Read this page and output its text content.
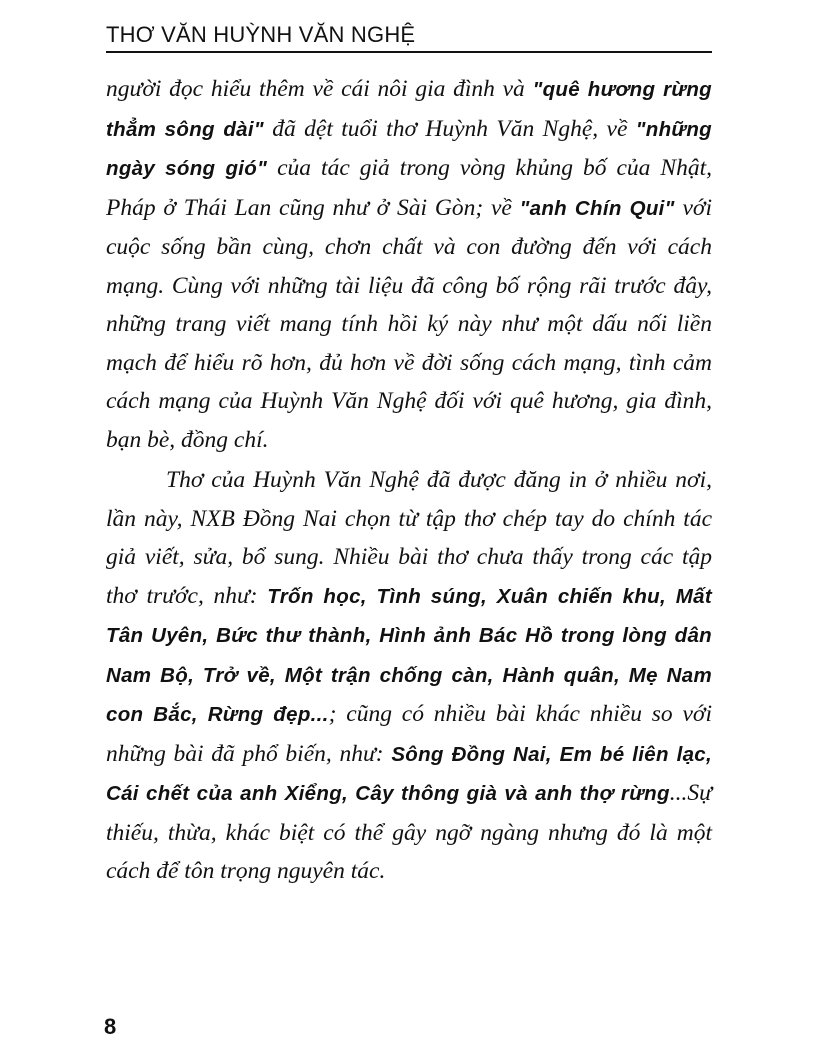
THƠ VĂN HUỲNH VĂN NGHỆ

người đọc hiểu thêm về cái nôi gia đình và "quê hương rừng thẳm sông dài" đã dệt tuổi thơ Huỳnh Văn Nghệ, về "những ngày sóng gió" của tác giả trong vòng khủng bố của Nhật, Pháp ở Thái Lan cũng như ở Sài Gòn; về "anh Chín Qui" với cuộc sống bần cùng, chơn chất và con đường đến với cách mạng. Cùng với những tài liệu đã công bố rộng rãi trước đây, những trang viết mang tính hồi ký này như một dấu nối liền mạch để hiểu rõ hơn, đủ hơn về đời sống cách mạng, tình cảm cách mạng của Huỳnh Văn Nghệ đối với quê hương, gia đình, bạn bè, đồng chí.

Thơ của Huỳnh Văn Nghệ đã được đăng in ở nhiều nơi, lần này, NXB Đồng Nai chọn từ tập thơ chép tay do chính tác giả viết, sửa, bổ sung. Nhiều bài thơ chưa thấy trong các tập thơ trước, như: Trốn học, Tình súng, Xuân chiến khu, Mất Tân Uyên, Bức thư thành, Hình ảnh Bác Hồ trong lòng dân Nam Bộ, Trở về, Một trận chống càn, Hành quân, Mẹ Nam con Bắc, Rừng đẹp...; cũng có nhiều bài khác nhiều so với những bài đã phổ biến, như: Sông Đồng Nai, Em bé liên lạc, Cái chết của anh Xiểng, Cây thông già và anh thợ rừng...Sự thiếu, thừa, khác biệt có thể gây ngỡ ngàng nhưng đó là một cách để tôn trọng nguyên tác.

8
